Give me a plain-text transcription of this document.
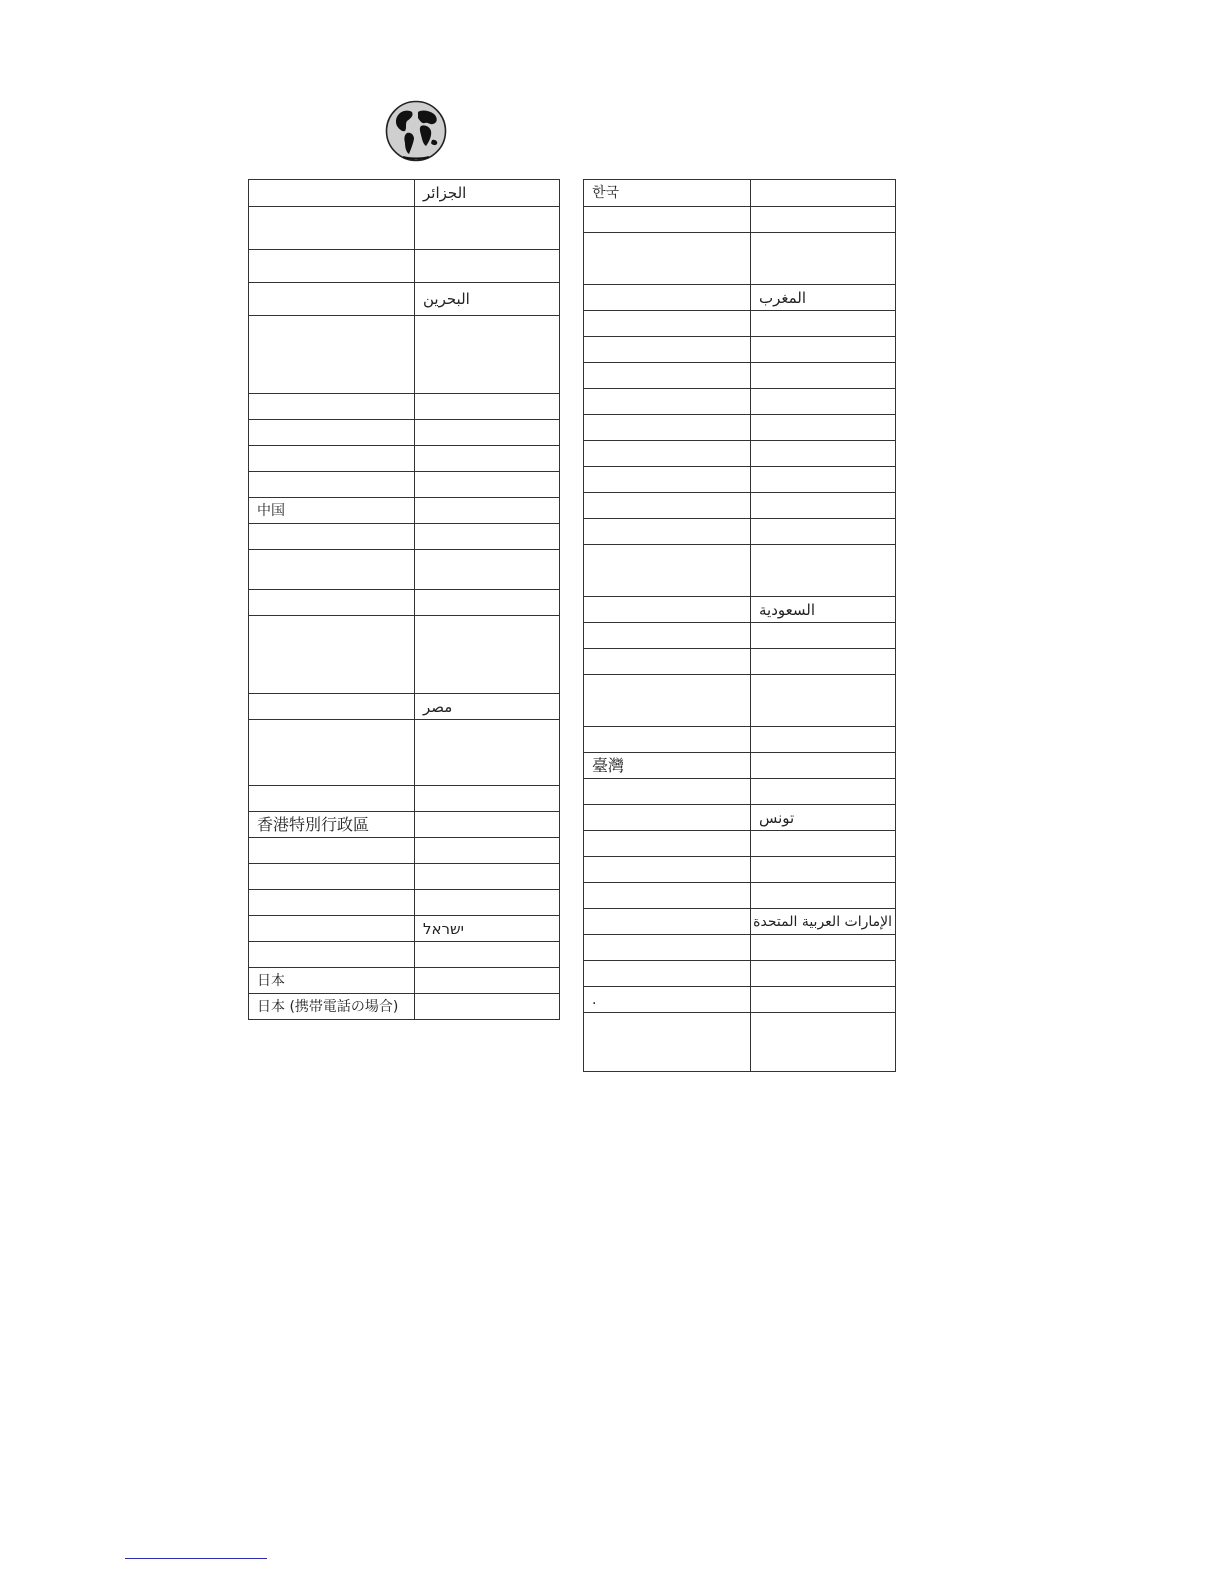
	الجزائر

	البحرين

中国	

	مصر

香港特別行政區	

	ישראל

日本	
日本 (携帯電話の場合)	
한국	

	المغرب

	السعودية

臺灣	

	تونس

	الإمارات العربية المتحدة

.	
